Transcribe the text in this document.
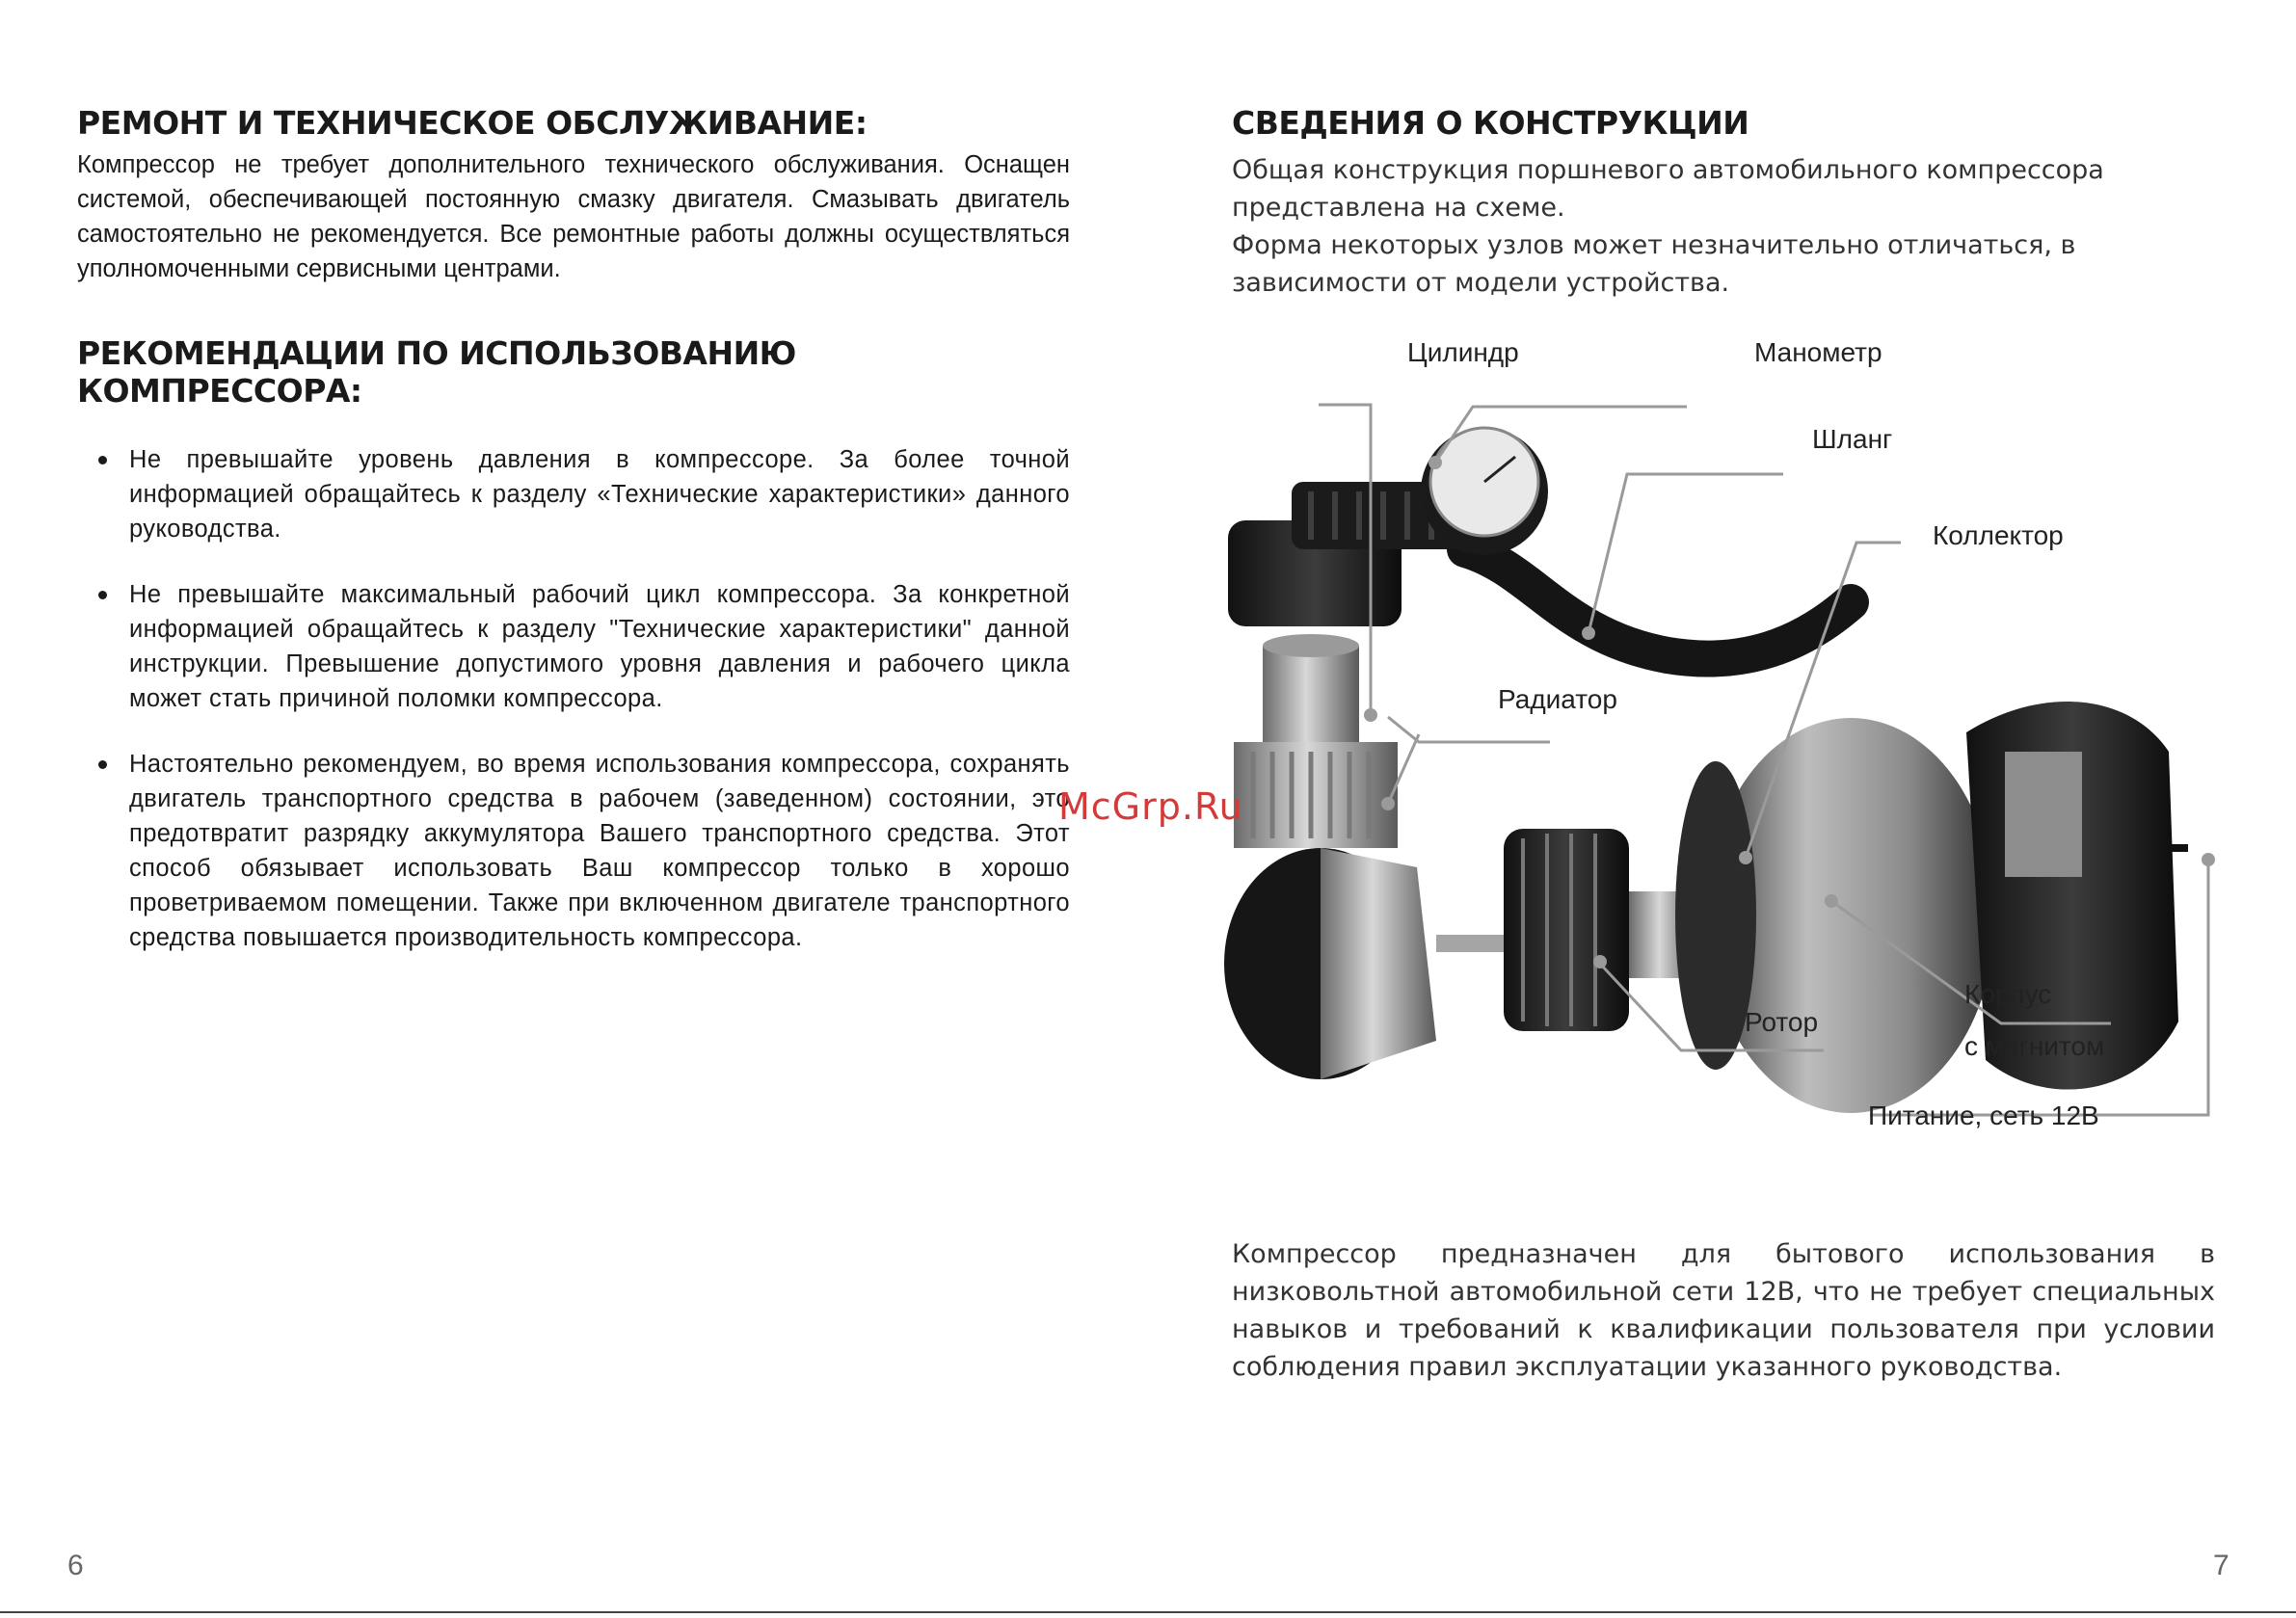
РЕМОНТ И ТЕХНИЧЕСКОЕ ОБСЛУЖИВАНИЕ:

Компрессор не требует дополнительного технического обслуживания. Оснащен системой, обеспечивающей постоянную смазку двигателя. Смазывать двигатель самостоятельно не рекомендуется. Все ремонтные работы должны осуществляться уполномоченными сервисными центрами.

РЕКОМЕНДАЦИИ ПО ИСПОЛЬЗОВАНИЮ КОМПРЕССОРА:
Не превышайте уровень давления в компрессоре. За более точной информацией обращайтесь к разделу «Технические характеристики» данного руководства.
Не превышайте максимальный рабочий цикл компрессора. За конкретной информацией обращайтесь к разделу "Технические характеристики" данной инструкции. Превышение допустимого уровня давления и рабочего цикла может стать причиной поломки компрессора.
Настоятельно рекомендуем, во время использования компрессора, сохранять двигатель транспортного средства в рабочем (заведенном) состоянии, это предотвратит разрядку аккумулятора Вашего транспортного средства. Этот способ обязывает использовать Ваш компрессор только в хорошо проветриваемом помещении. Также при включенном двигателе транспортного средства повышается производительность компрессора.
СВЕДЕНИЯ О КОНСТРУКЦИИ

Общая конструкция поршневого автомобильного компрессора представлена на схеме.

Форма некоторых узлов может незначительно отличаться, в зависимости от модели устройства.

Цилиндр	Манометр
Шланг
Коллектор
Радиатор
Ротор
Корпус
с магнитом
Питание, сеть 12В

Компрессор предназначен для бытового использования в низковольтной автомобильной сети 12В, что не требует специальных навыков и требований к квалификации пользователя при условии соблюдения правил эксплуатации указанного руководства.

McGrp.Ru
6	7
